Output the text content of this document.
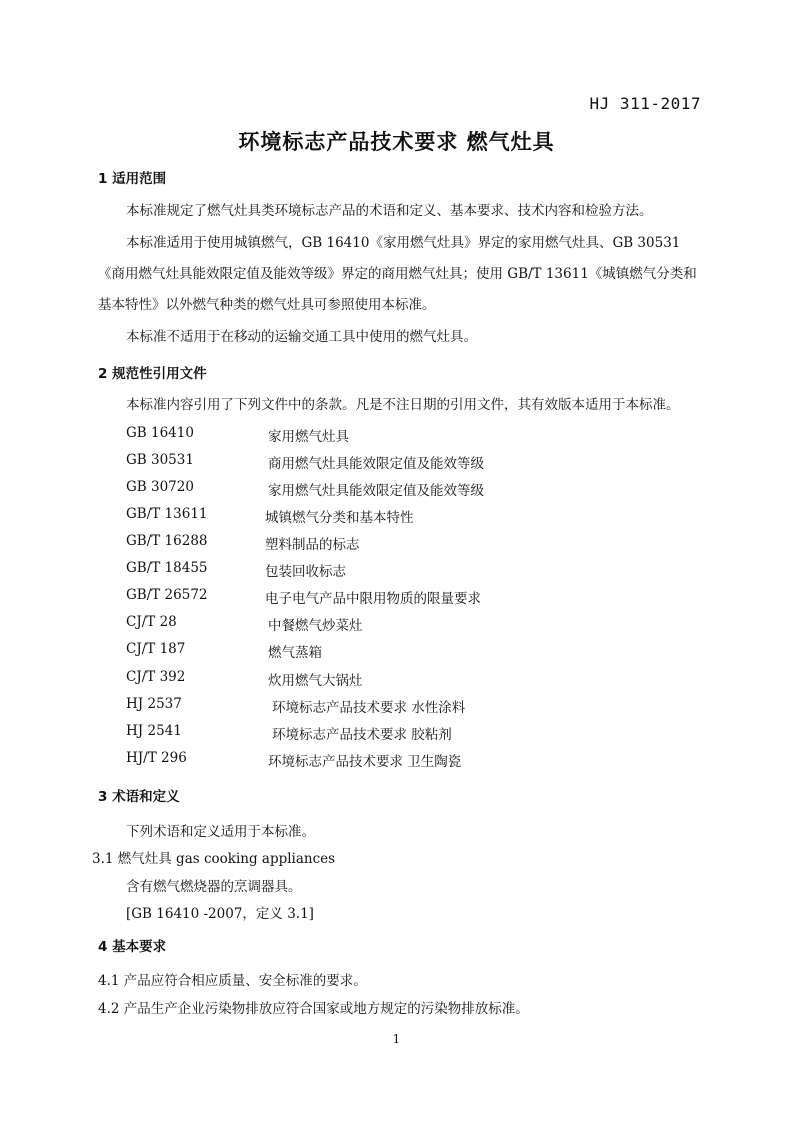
HJ 311-2017
环境标志产品技术要求 燃气灶具
1 适用范围
本标准规定了燃气灶具类环境标志产品的术语和定义、基本要求、技术内容和检验方法。
本标准适用于使用城镇燃气，GB 16410《家用燃气灶具》界定的家用燃气灶具、GB 30531《商用燃气灶具能效限定值及能效等级》界定的商用燃气灶具；使用 GB/T 13611《城镇燃气分类和基本特性》以外燃气种类的燃气灶具可参照使用本标准。
本标准不适用于在移动的运输交通工具中使用的燃气灶具。
2 规范性引用文件
本标准内容引用了下列文件中的条款。凡是不注日期的引用文件，其有效版本适用于本标准。
GB 16410	家用燃气灶具
GB 30531	商用燃气灶具能效限定值及能效等级
GB 30720	家用燃气灶具能效限定值及能效等级
GB/T 13611	城镇燃气分类和基本特性
GB/T 16288	塑料制品的标志
GB/T 18455	包装回收标志
GB/T 26572	电子电气产品中限用物质的限量要求
CJ/T 28	中餐燃气炒菜灶
CJ/T 187	燃气蒸箱
CJ/T 392	炊用燃气大锅灶
HJ 2537	环境标志产品技术要求 水性涂料
HJ 2541	环境标志产品技术要求 胶粘剂
HJ/T 296	环境标志产品技术要求 卫生陶瓷
3 术语和定义
下列术语和定义适用于本标准。
3.1 燃气灶具 gas cooking appliances
含有燃气燃烧器的烹调器具。
[GB 16410 -2007，定义 3.1]
4 基本要求
4.1 产品应符合相应质量、安全标准的要求。
4.2 产品生产企业污染物排放应符合国家或地方规定的污染物排放标准。
1
